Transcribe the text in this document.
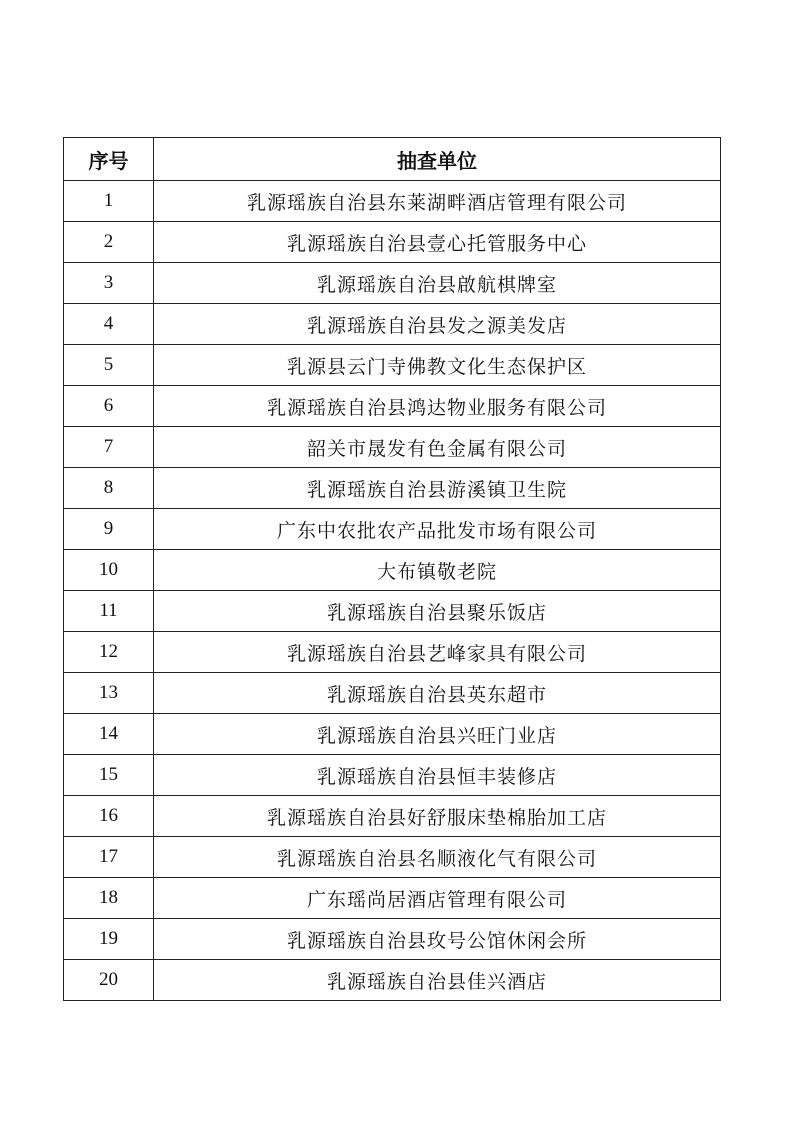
序号	抽查单位
1	乳源瑶族自治县东莱湖畔酒店管理有限公司
2	乳源瑶族自治县壹心托管服务中心
3	乳源瑶族自治县啟航棋牌室
4	乳源瑶族自治县发之源美发店
5	乳源县云门寺佛教文化生态保护区
6	乳源瑶族自治县鸿达物业服务有限公司
7	韶关市晟发有色金属有限公司
8	乳源瑶族自治县游溪镇卫生院
9	广东中农批农产品批发市场有限公司
10	大布镇敬老院
11	乳源瑶族自治县聚乐饭店
12	乳源瑶族自治县艺峰家具有限公司
13	乳源瑶族自治县英东超市
14	乳源瑶族自治县兴旺门业店
15	乳源瑶族自治县恒丰装修店
16	乳源瑶族自治县好舒服床垫棉胎加工店
17	乳源瑶族自治县名顺液化气有限公司
18	广东瑶尚居酒店管理有限公司
19	乳源瑶族自治县玫号公馆休闲会所
20	乳源瑶族自治县佳兴酒店
